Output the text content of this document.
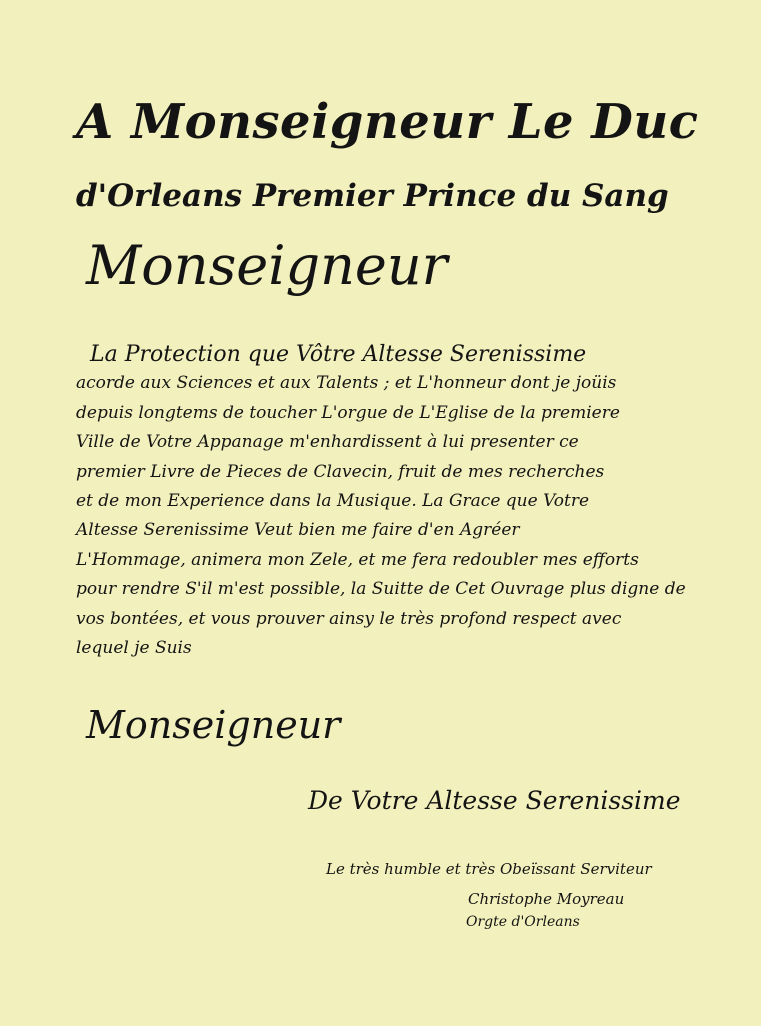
A Monseigneur Le Duc
d'Orleans Premier Prince du Sang
Monseigneur
La Protection que Vôtre Altesse Serenissime
acorde aux Sciences et aux Talents ; et L'honneur dont je joüis
depuis longtems de toucher L'orgue de L'Eglise de la premiere
Ville de Votre Appanage m'enhardissent à lui presenter ce
premier Livre de Pieces de Clavecin, fruit de mes recherches
et de mon Experience dans la Musique. La Grace que Votre
Altesse Serenissime Veut bien me faire d'en Agréer
L'Hommage, animera mon Zele, et me fera redoubler mes efforts
pour rendre S'il m'est possible, la Suitte de Cet Ouvrage plus digne de
vos bontées, et vous prouver ainsy le très profond respect avec
lequel je Suis
Monseigneur
De Votre Altesse Serenissime
Le très humble et très Obeïssant Serviteur
Christophe Moyreau
Orgte d'Orleans
